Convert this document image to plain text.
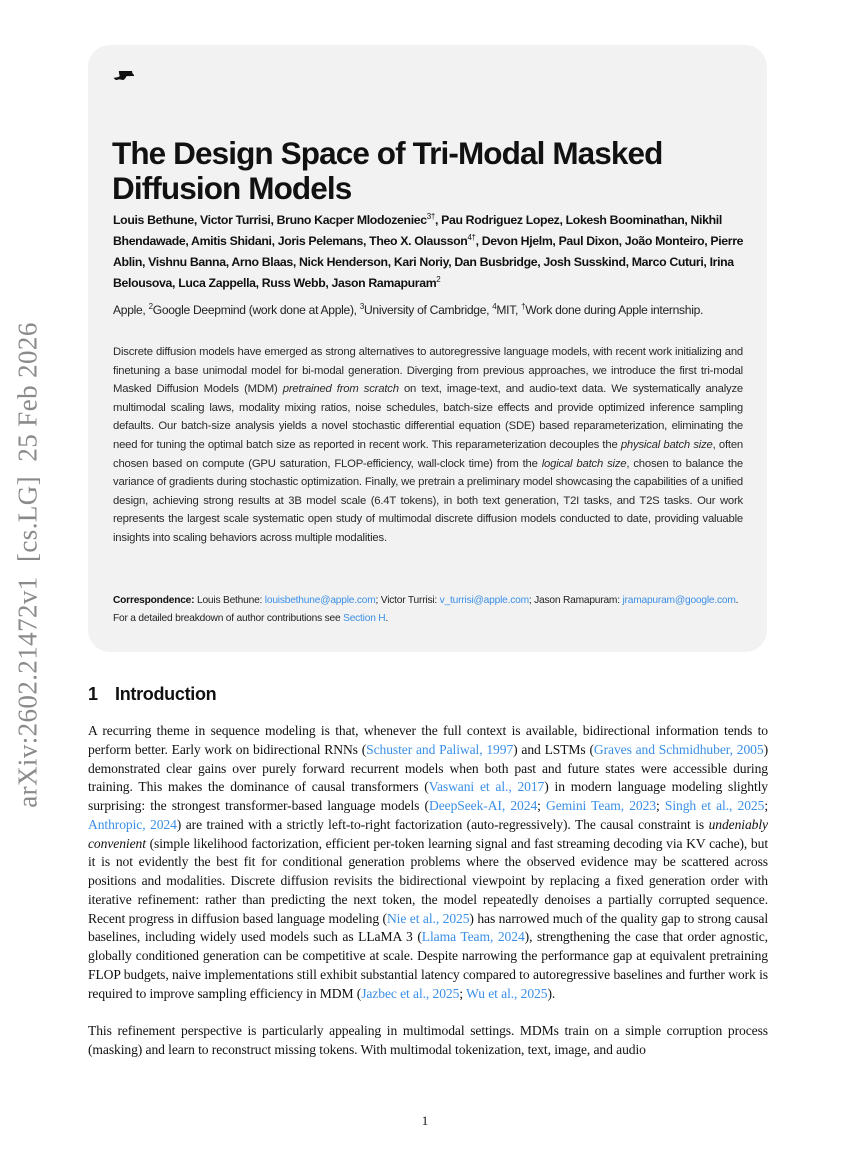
arXiv:2602.21472v1  [cs.LG]  25 Feb 2026
The Design Space of Tri-Modal Masked
Diffusion Models

Louis Bethune, Victor Turrisi, Bruno Kacper Mlodozeniec$^{3\dagger}$, Pau Rodriguez Lopez, Lokesh Boominathan, Nikhil Bhendawade, Amitis Shidani, Joris Pelemans, Theo X. Olausson$^{4\dagger}$, Devon Hjelm, Paul Dixon, João Monteiro, Pierre Ablin, Vishnu Banna, Arno Blaas, Nick Henderson, Kari Noriy, Dan Busbridge, Josh Susskind, Marco Cuturi, Irina Belousova, Luca Zappella, Russ Webb, Jason Ramapuram$^2$

Apple, $^2$Google Deepmind (work done at Apple), $^3$University of Cambridge, $^4$MIT, †Work done during Apple internship.

Discrete diffusion models have emerged as strong alternatives to autoregressive language models, with recent work initializing and finetuning a base unimodal model for bi-modal generation. Diverging from previous approaches, we introduce the first tri-modal Masked Diffusion Models (MDM) pretrained from scratch on text, image-text, and audio-text data. We systematically analyze multimodal scaling laws, modality mixing ratios, noise schedules, batch-size effects and provide optimized inference sampling defaults. Our batch-size analysis yields a novel stochastic differential equation (SDE) based reparameterization, eliminating the need for tuning the optimal batch size as reported in recent work. This reparameterization decouples the physical batch size, often chosen based on compute (GPU saturation, FLOP-efficiency, wall-clock time) from the logical batch size, chosen to balance the variance of gradients during stochastic optimization. Finally, we pretrain a preliminary model showcasing the capabilities of a unified design, achieving strong results at 3B model scale (6.4T tokens), in both text generation, T2I tasks, and T2S tasks. Our work represents the largest scale systematic open study of multimodal discrete diffusion models conducted to date, providing valuable insights into scaling behaviors across multiple modalities.

Correspondence: Louis Bethune: louisbethune@apple.com; Victor Turrisi: v_turrisi@apple.com; Jason Ramapuram: jramapuram@google.com. For a detailed breakdown of author contributions see Section H.

1 Introduction

A recurring theme in sequence modeling is that, whenever the full context is available, bidirectional information tends to perform better. Early work on bidirectional RNNs (Schuster and Paliwal, 1997) and LSTMs (Graves and Schmidhuber, 2005) demonstrated clear gains over purely forward recurrent models when both past and future states were accessible during training. This makes the dominance of causal transformers (Vaswani et al., 2017) in modern language modeling slightly surprising: the strongest transformer-based language models (DeepSeek-AI, 2024; Gemini Team, 2023; Singh et al., 2025; Anthropic, 2024) are trained with a strictly left-to-right factorization (auto-regressively). The causal constraint is undeniably convenient (simple likelihood factorization, efficient per-token learning signal and fast streaming decoding via KV cache), but it is not evidently the best fit for conditional generation problems where the observed evidence may be scattered across positions and modalities. Discrete diffusion revisits the bidirectional viewpoint by replacing a fixed generation order with iterative refinement: rather than predicting the next token, the model repeatedly denoises a partially corrupted sequence. Recent progress in diffusion based language modeling (Nie et al., 2025) has narrowed much of the quality gap to strong causal baselines, including widely used models such as LLaMA 3 (Llama Team, 2024), strengthening the case that order agnostic, globally conditioned generation can be competitive at scale. Despite narrowing the performance gap at equivalent pretraining FLOP budgets, naive implementations still exhibit substantial latency compared to autoregressive baselines and further work is required to improve sampling efficiency in MDM (Jazbec et al., 2025; Wu et al., 2025).

This refinement perspective is particularly appealing in multimodal settings. MDMs train on a simple corruption process (masking) and learn to reconstruct missing tokens. With multimodal tokenization, text, image, and audio

1
